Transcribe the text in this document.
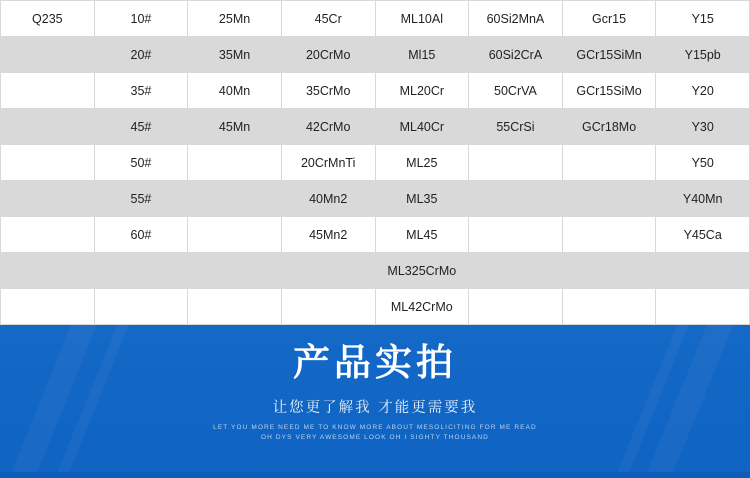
Q235	10#	25Mn	45Cr	ML10Al	60Si2MnA	Gcr15	Y15
	20#	35Mn	20CrMo	Ml15	60Si2CrA	GCr15SiMn	Y15pb
	35#	40Mn	35CrMo	ML20Cr	50CrVA	GCr15SiMo	Y20
	45#	45Mn	42CrMo	ML40Cr	55CrSi	GCr18Mo	Y30
	50#		20CrMnTi	ML25			Y50
	55#		40Mn2	ML35			Y40Mn
	60#		45Mn2	ML45			Y45Ca
				ML325CrMo			
				ML42CrMo			
产品实拍
让您更了解我 才能更需要我
LET YOU MORE NEED ME TO KNOW MORE ABOUT MESOLICITING FOR ME READ
OH DYS VERY AWESOME LOOK OH I SIGHTY THOUSAND
